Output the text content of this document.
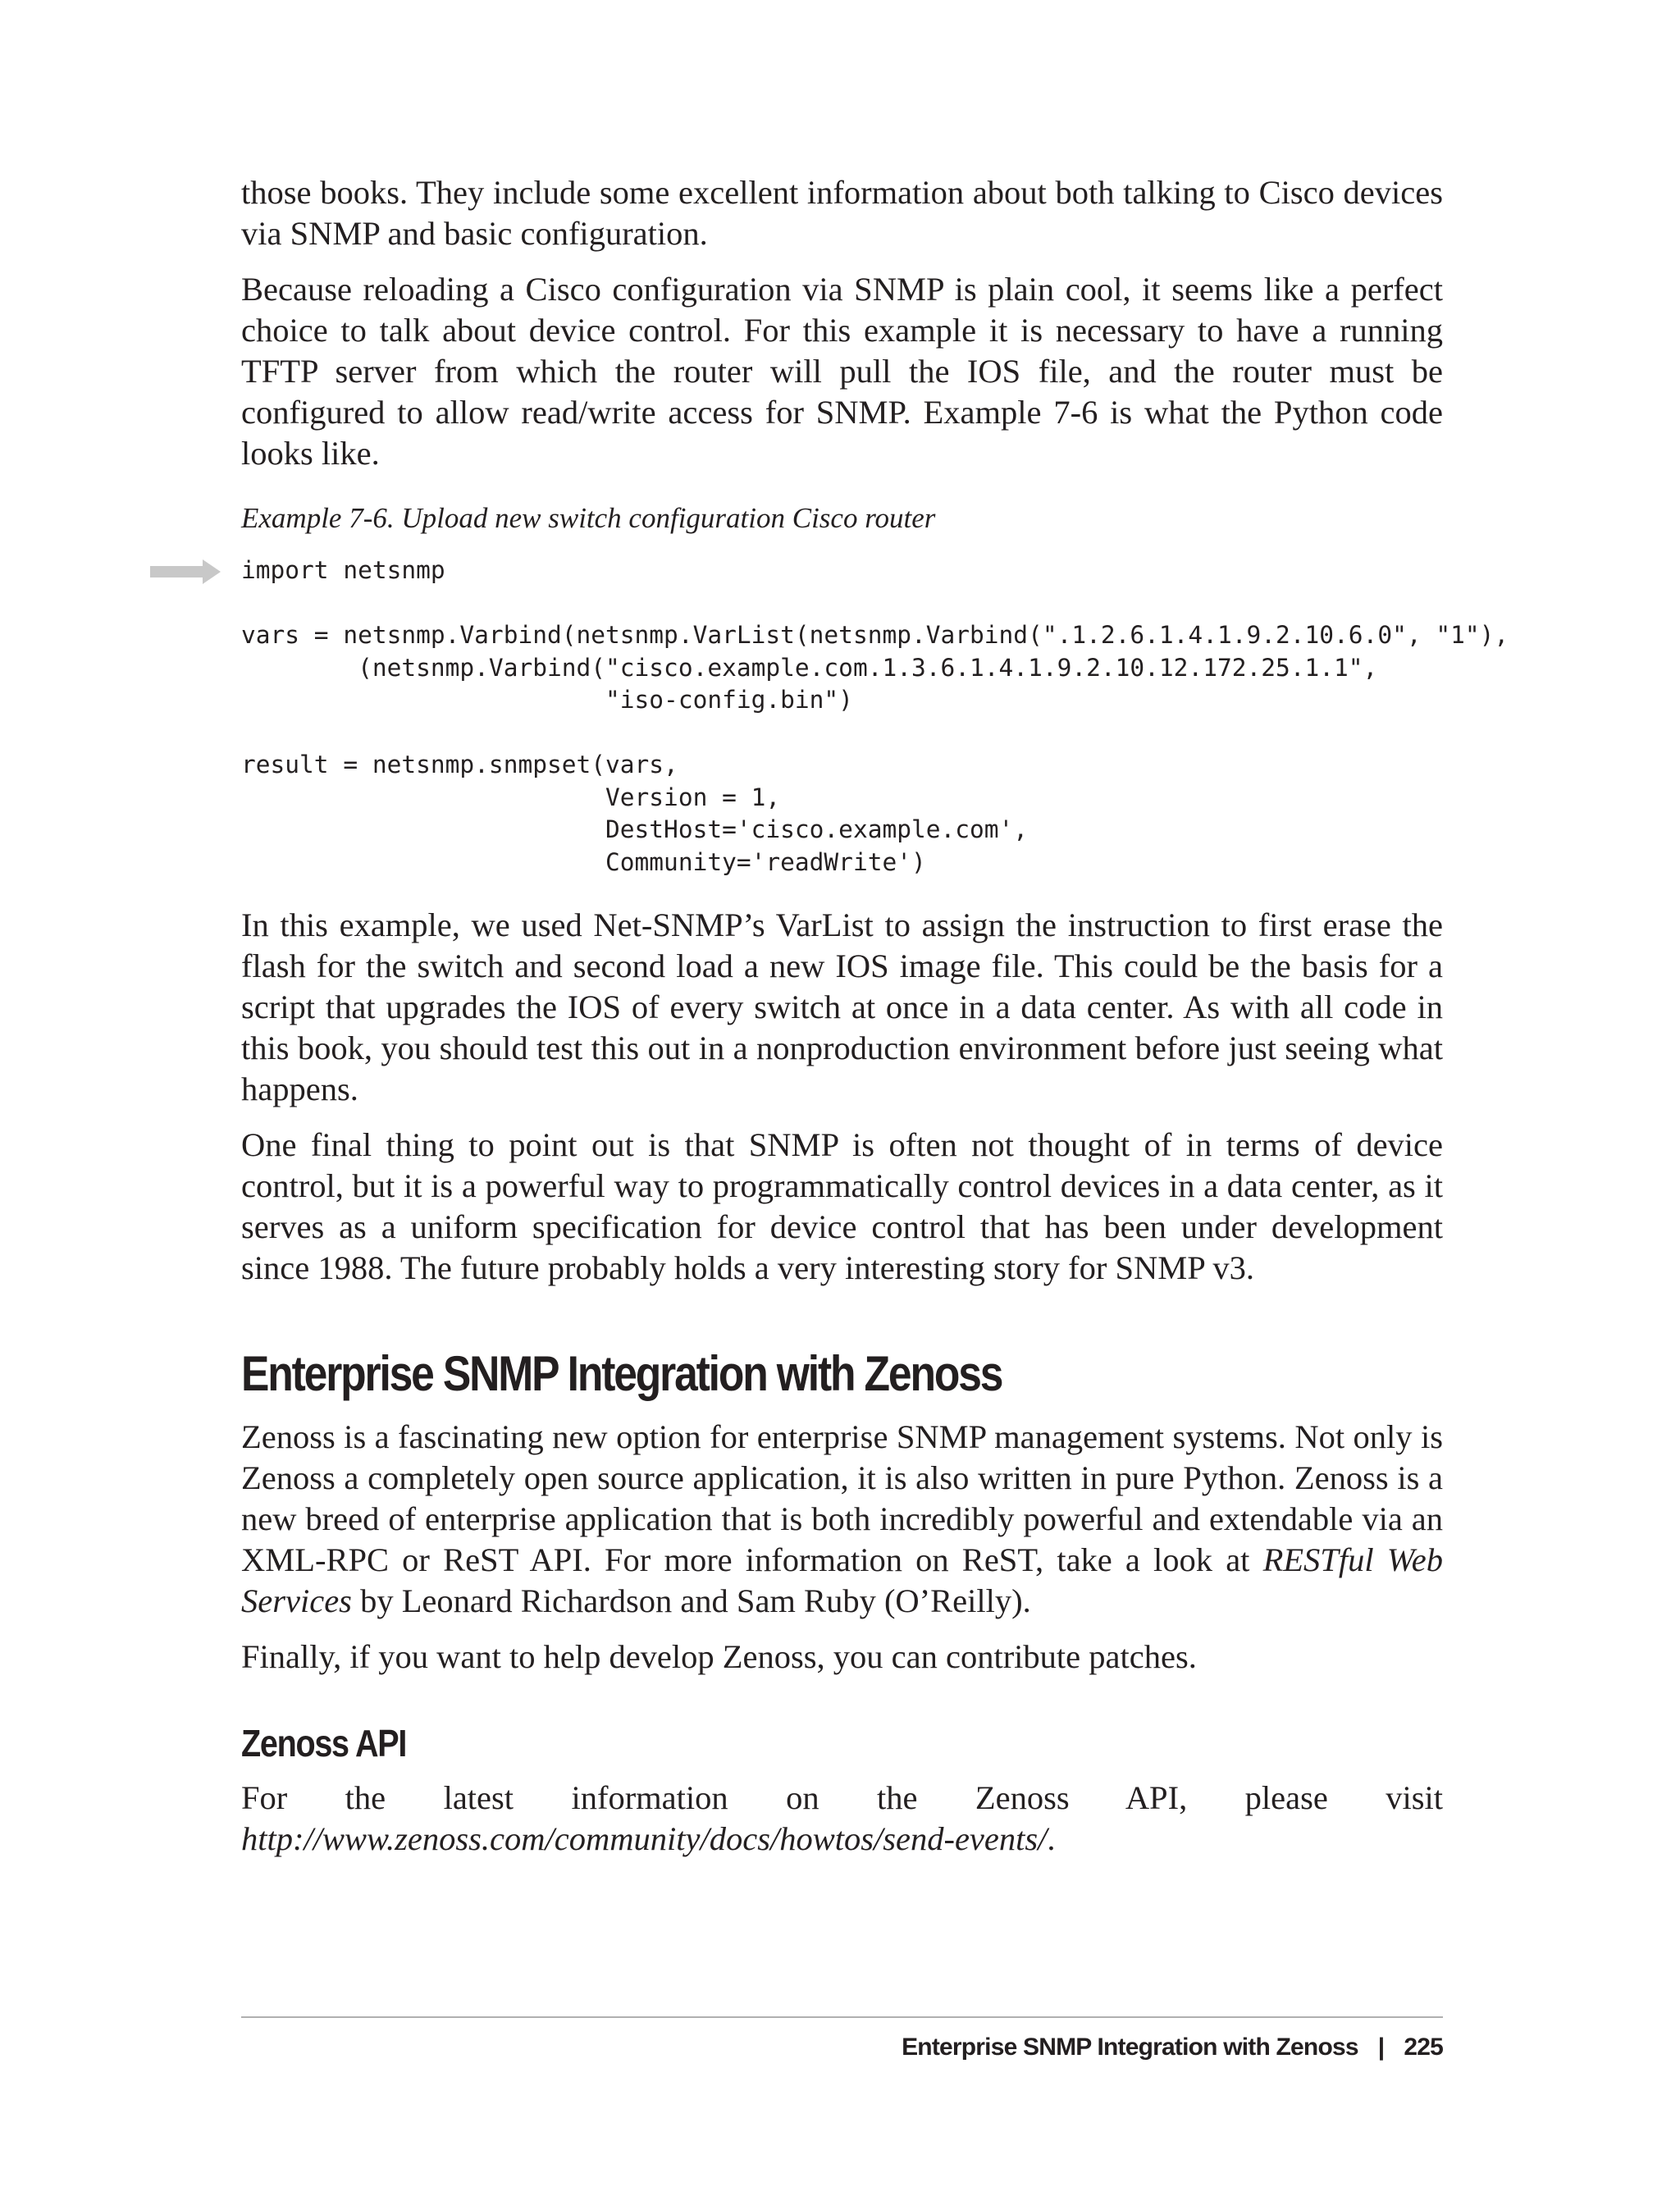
those books. They include some excellent information about both talking to Cisco devices via SNMP and basic configuration.

Because reloading a Cisco configuration via SNMP is plain cool, it seems like a perfect choice to talk about device control. For this example it is necessary to have a running TFTP server from which the router will pull the IOS file, and the router must be configured to allow read/write access for SNMP. Example 7-6 is what the Python code looks like.

Example 7-6. Upload new switch configuration Cisco router

import netsnmp

vars = netsnmp.Varbind(netsnmp.VarList(netsnmp.Varbind(".1.2.6.1.4.1.9.2.10.6.0", "1"),
(netsnmp.Varbind("cisco.example.com.1.3.6.1.4.1.9.2.10.12.172.25.1.1",
"iso-config.bin")

result = netsnmp.snmpset(vars,
Version = 1,
DestHost='cisco.example.com',
Community='readWrite')

In this example, we used Net-SNMP’s VarList to assign the instruction to first erase the flash for the switch and second load a new IOS image file. This could be the basis for a script that upgrades the IOS of every switch at once in a data center. As with all code in this book, you should test this out in a nonproduction environment before just seeing what happens.

One final thing to point out is that SNMP is often not thought of in terms of device control, but it is a powerful way to programmatically control devices in a data center, as it serves as a uniform specification for device control that has been under development since 1988. The future probably holds a very interesting story for SNMP v3.

Enterprise SNMP Integration with Zenoss

Zenoss is a fascinating new option for enterprise SNMP management systems. Not only is Zenoss a completely open source application, it is also written in pure Python. Zenoss is a new breed of enterprise application that is both incredibly powerful and extendable via an XML-RPC or ReST API. For more information on ReST, take a look at RESTful Web Services by Leonard Richardson and Sam Ruby (O’Reilly).

Finally, if you want to help develop Zenoss, you can contribute patches.

Zenoss API

For the latest information on the Zenoss API, please visit http://www.zenoss.com/community/docs/howtos/send-events/.

Enterprise SNMP Integration with Zenoss | 225
